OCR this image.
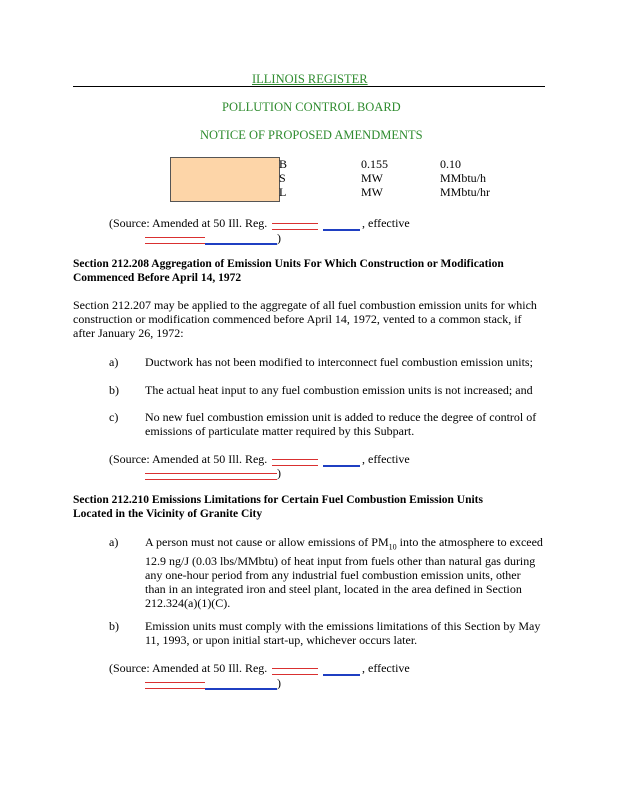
ILLINOIS REGISTER
POLLUTION CONTROL BOARD
NOTICE OF PROPOSED AMENDMENTS
B	0.155	0.10
S	MW	MMbtu/h
L	MW	MMbtu/hr
(Source: Amended at 50 Ill. Reg.	, effective
)
Section 212.208 Aggregation of Emission Units For Which Construction or Modification
Commenced Before April 14, 1972
Section 212.207 may be applied to the aggregate of all fuel combustion emission units for which construction or modification commenced before April 14, 1972, vented to a common stack, if after January 26, 1972:
a) Ductwork has not been modified to interconnect fuel combustion emission units;
b) The actual heat input to any fuel combustion emission units is not increased; and
c) No new fuel combustion emission unit is added to reduce the degree of control of emissions of particulate matter required by this Subpart.
(Source: Amended at 50 Ill. Reg.	, effective
)
Section 212.210 Emissions Limitations for Certain Fuel Combustion Emission Units
Located in the Vicinity of Granite City
a) A person must not cause or allow emissions of $PM_{10}$ into the atmosphere to exceed 12.9 ng/J (0.03 lbs/MMbtu) of heat input from fuels other than natural gas during any one-hour period from any industrial fuel combustion emission units, other than in an integrated iron and steel plant, located in the area defined in Section 212.324(a)(1)(C).
b) Emission units must comply with the emissions limitations of this Section by May 11, 1993, or upon initial start-up, whichever occurs later.
(Source: Amended at 50 Ill. Reg.	, effective
)
